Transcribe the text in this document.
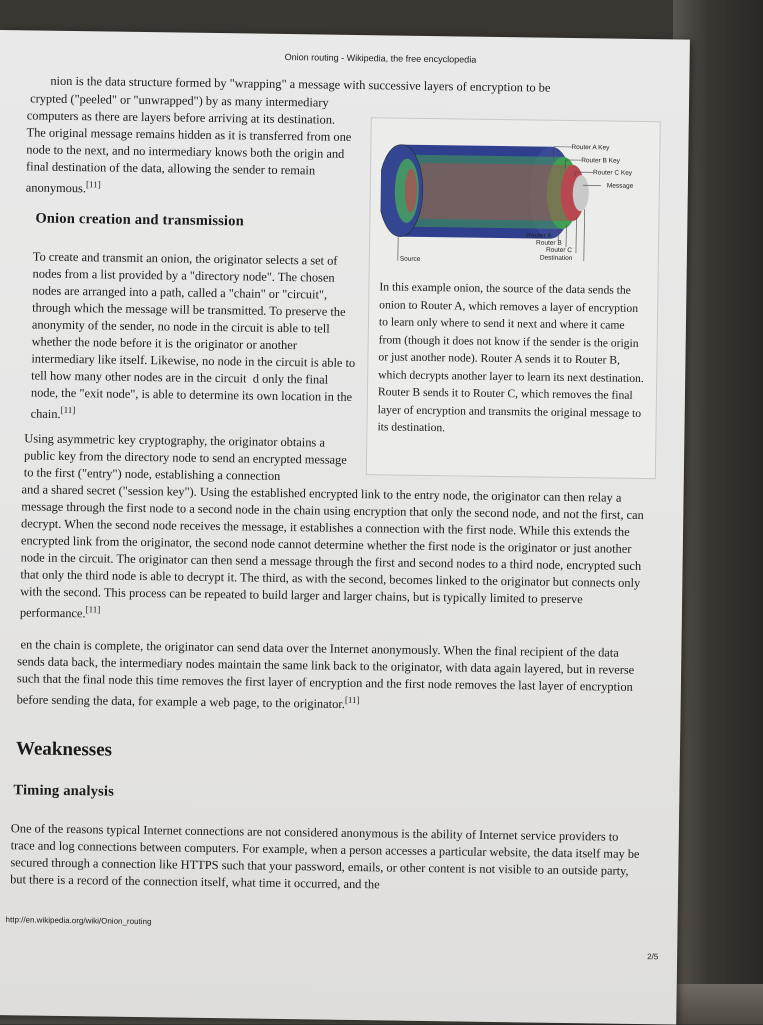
Onion routing - Wikipedia, the free encyclopedia

nion is the data structure formed by "wrapping" a message with successive layers of encryption to be

crypted ("peeled" or "unwrapped") by as many intermediary computers as there are layers before arriving at its destination. The original message remains hidden as it is transferred from one node to the next, and no intermediary knows both the origin and final destination of the data, allowing the sender to remain anonymous.[11]

Onion creation and transmission

To create and transmit an onion, the originator selects a set of nodes from a list provided by a "directory node". The chosen nodes are arranged into a path, called a "chain" or "circuit", through which the message will be transmitted. To preserve the anonymity of the sender, no node in the circuit is able to tell whether the node before it is the originator or another intermediary like itself. Likewise, no node in the circuit is able to tell how many other nodes are in the circuit  d only the final node, the "exit node", is able to determine its own location in the chain.[11]

Using asymmetric key cryptography, the originator obtains a public key from the directory node to send an encrypted message to the first ("entry") node, establishing a connection

and a shared secret ("session key"). Using the established encrypted link to the entry node, the originator can then relay a message through the first node to a second node in the chain using encryption that only the second node, and not the first, can decrypt. When the second node receives the message, it establishes a connection with the first node. While this extends the encrypted link from the originator, the second node cannot determine whether the first node is the originator or just another node in the circuit. The originator can then send a message through the first and second nodes to a third node, encrypted such that only the third node is able to decrypt it. The third, as with the second, becomes linked to the originator but connects only with the second. This process can be repeated to build larger and larger chains, but is typically limited to preserve performance.[11]

en the chain is complete, the originator can send data over the Internet anonymously. When the final recipient of the data sends data back, the intermediary nodes maintain the same link back to the originator, with data again layered, but in reverse such that the final node this time removes the first layer of encryption and the first node removes the last layer of encryption before sending the data, for example a web page, to the originator.[11]

Router A Key
Router B Key
Router C Key
Message
Source
Router A
Router B
Router C
Destination

In this example onion, the source of the data sends the onion to Router A, which removes a layer of encryption to learn only where to send it next and where it came from (though it does not know if the sender is the origin or just another node). Router A sends it to Router B, which decrypts another layer to learn its next destination. Router B sends it to Router C, which removes the final layer of encryption and transmits the original message to its destination.

Weaknesses
Timing analysis

One of the reasons typical Internet connections are not considered anonymous is the ability of Internet service providers to trace and log connections between computers. For example, when a person accesses a particular website, the data itself may be secured through a connection like HTTPS such that your password, emails, or other content is not visible to an outside party, but there is a record of the connection itself, what time it occurred, and the

http://en.wikipedia.org/wiki/Onion_routing
2/5
